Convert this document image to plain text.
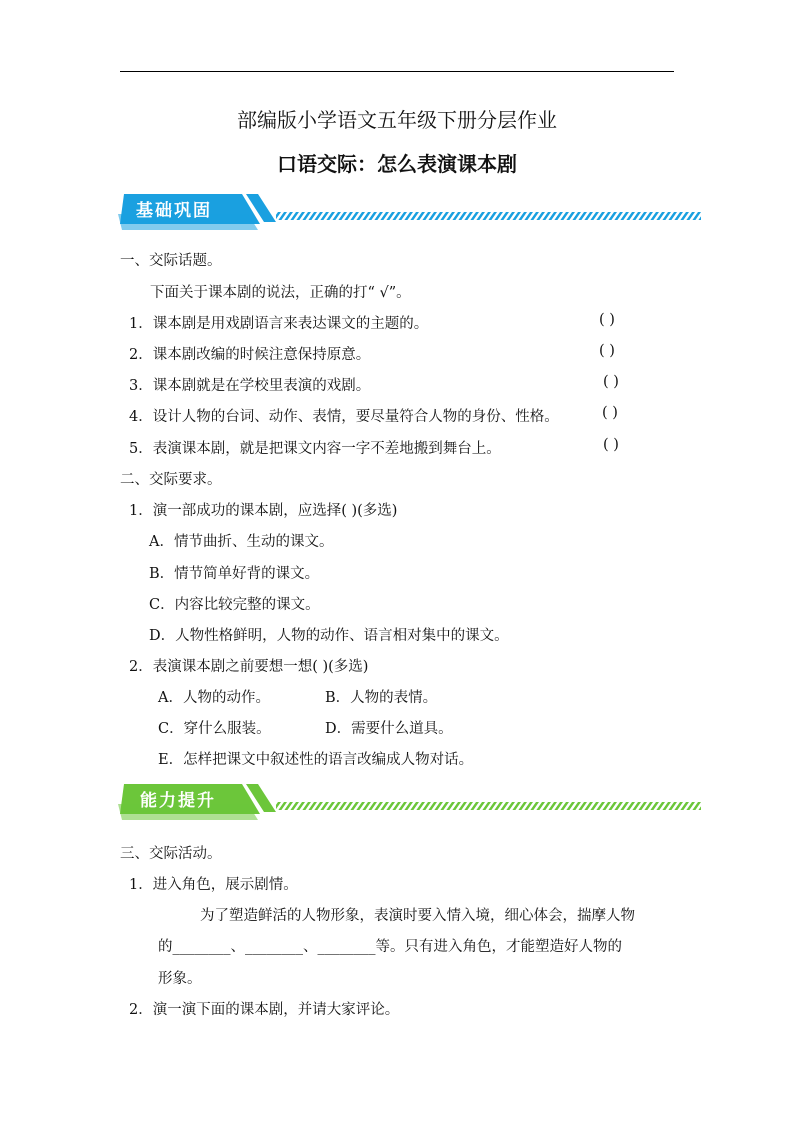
部编版小学语文五年级下册分层作业
口语交际：怎么表演课本剧
基础巩固
一、交际话题。
下面关于课本剧的说法，正确的打“ √”。
1．课本剧是用戏剧语言来表达课文的主题的。	( )
2．课本剧改编的时候注意保持原意。	( )
3．课本剧就是在学校里表演的戏剧。	( )
4．设计人物的台词、动作、表情，要尽量符合人物的身份、性格。	( )
5．表演课本剧，就是把课文内容一字不差地搬到舞台上。	( )
二、交际要求。
1．演一部成功的课本剧，应选择( )(多选)
A．情节曲折、生动的课文。
B．情节简单好背的课文。
C．内容比较完整的课文。
D．人物性格鲜明，人物的动作、语言相对集中的课文。
2．表演课本剧之前要想一想( )(多选)
A．人物的动作。	B．人物的表情。
C．穿什么服装。	D．需要什么道具。
E．怎样把课文中叙述性的语言改编成人物对话。
能力提升
三、交际活动。
1．进入角色，展示剧情。
为了塑造鲜活的人物形象，表演时要入情入境，细心体会，揣摩人物
的________、________、________等。只有进入角色，才能塑造好人物的
形象。
2．演一演下面的课本剧，并请大家评论。
